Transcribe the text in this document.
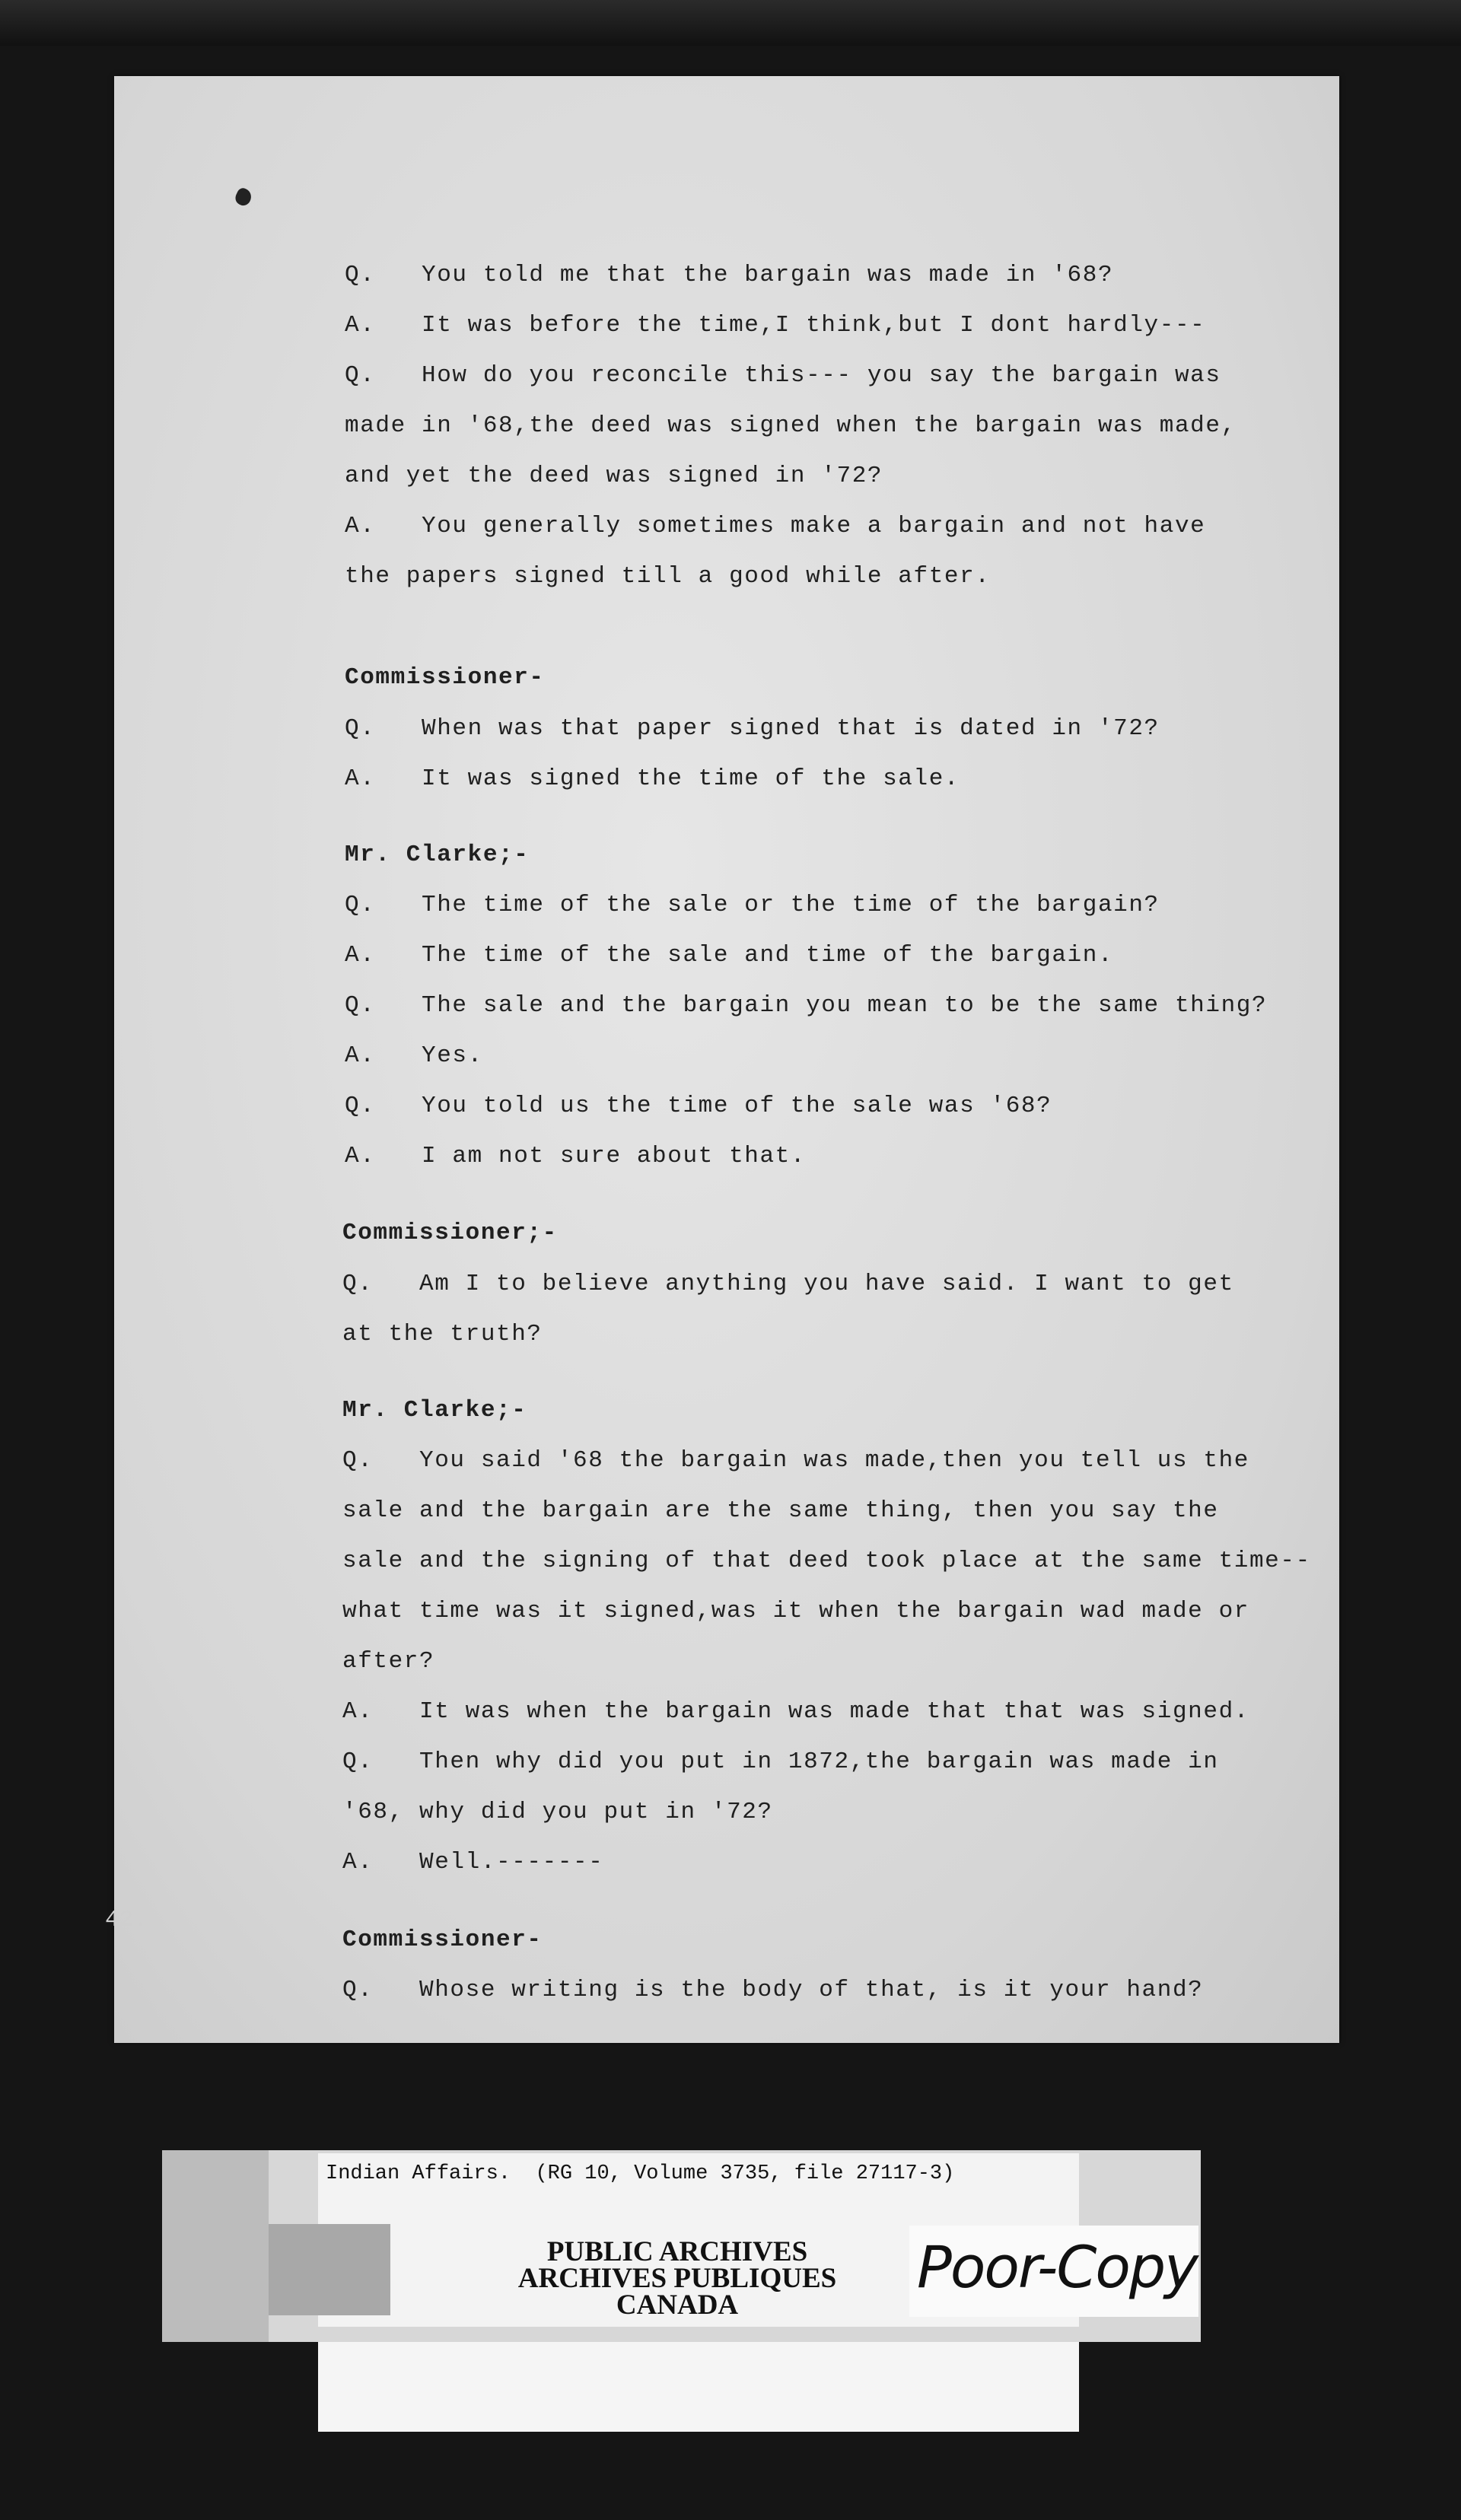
Q.   You told me that the bargain was made in '68?
A.   It was before the time,I think,but I dont hardly---
Q.   How do you reconcile this--- you say the bargain was
made in '68,the deed was signed when the bargain was made,
and yet the deed was signed in '72?
A.   You generally sometimes make a bargain and not have
the papers signed till a good while after.
Commissioner-
Q.   When was that paper signed that is dated in '72?
A.   It was signed the time of the sale.
Mr. Clarke;-
Q.   The time of the sale or the time of the bargain?
A.   The time of the sale and time of the bargain.
Q.   The sale and the bargain you mean to be the same thing?
A.   Yes.
Q.   You told us the time of the sale was '68?
A.   I am not sure about that.
Commissioner;-
Q.   Am I to believe anything you have said. I want to get
at the truth?
Mr. Clarke;-
Q.   You said '68 the bargain was made,then you tell us the
sale and the bargain are the same thing, then you say the
sale and the signing of that deed took place at the same time--
what time was it signed,was it when the bargain wad made or
after?
A.   It was when the bargain was made that that was signed.
Q.   Then why did you put in 1872,the bargain was made in
'68, why did you put in '72?
A.   Well.-------
Commissioner-
Q.   Whose writing is the body of that, is it your hand?
42.
Indian Affairs.  (RG 10, Volume 3735, file 27117-3)
PUBLIC ARCHIVES
ARCHIVES PUBLIQUES
CANADA
Poor-Copy
